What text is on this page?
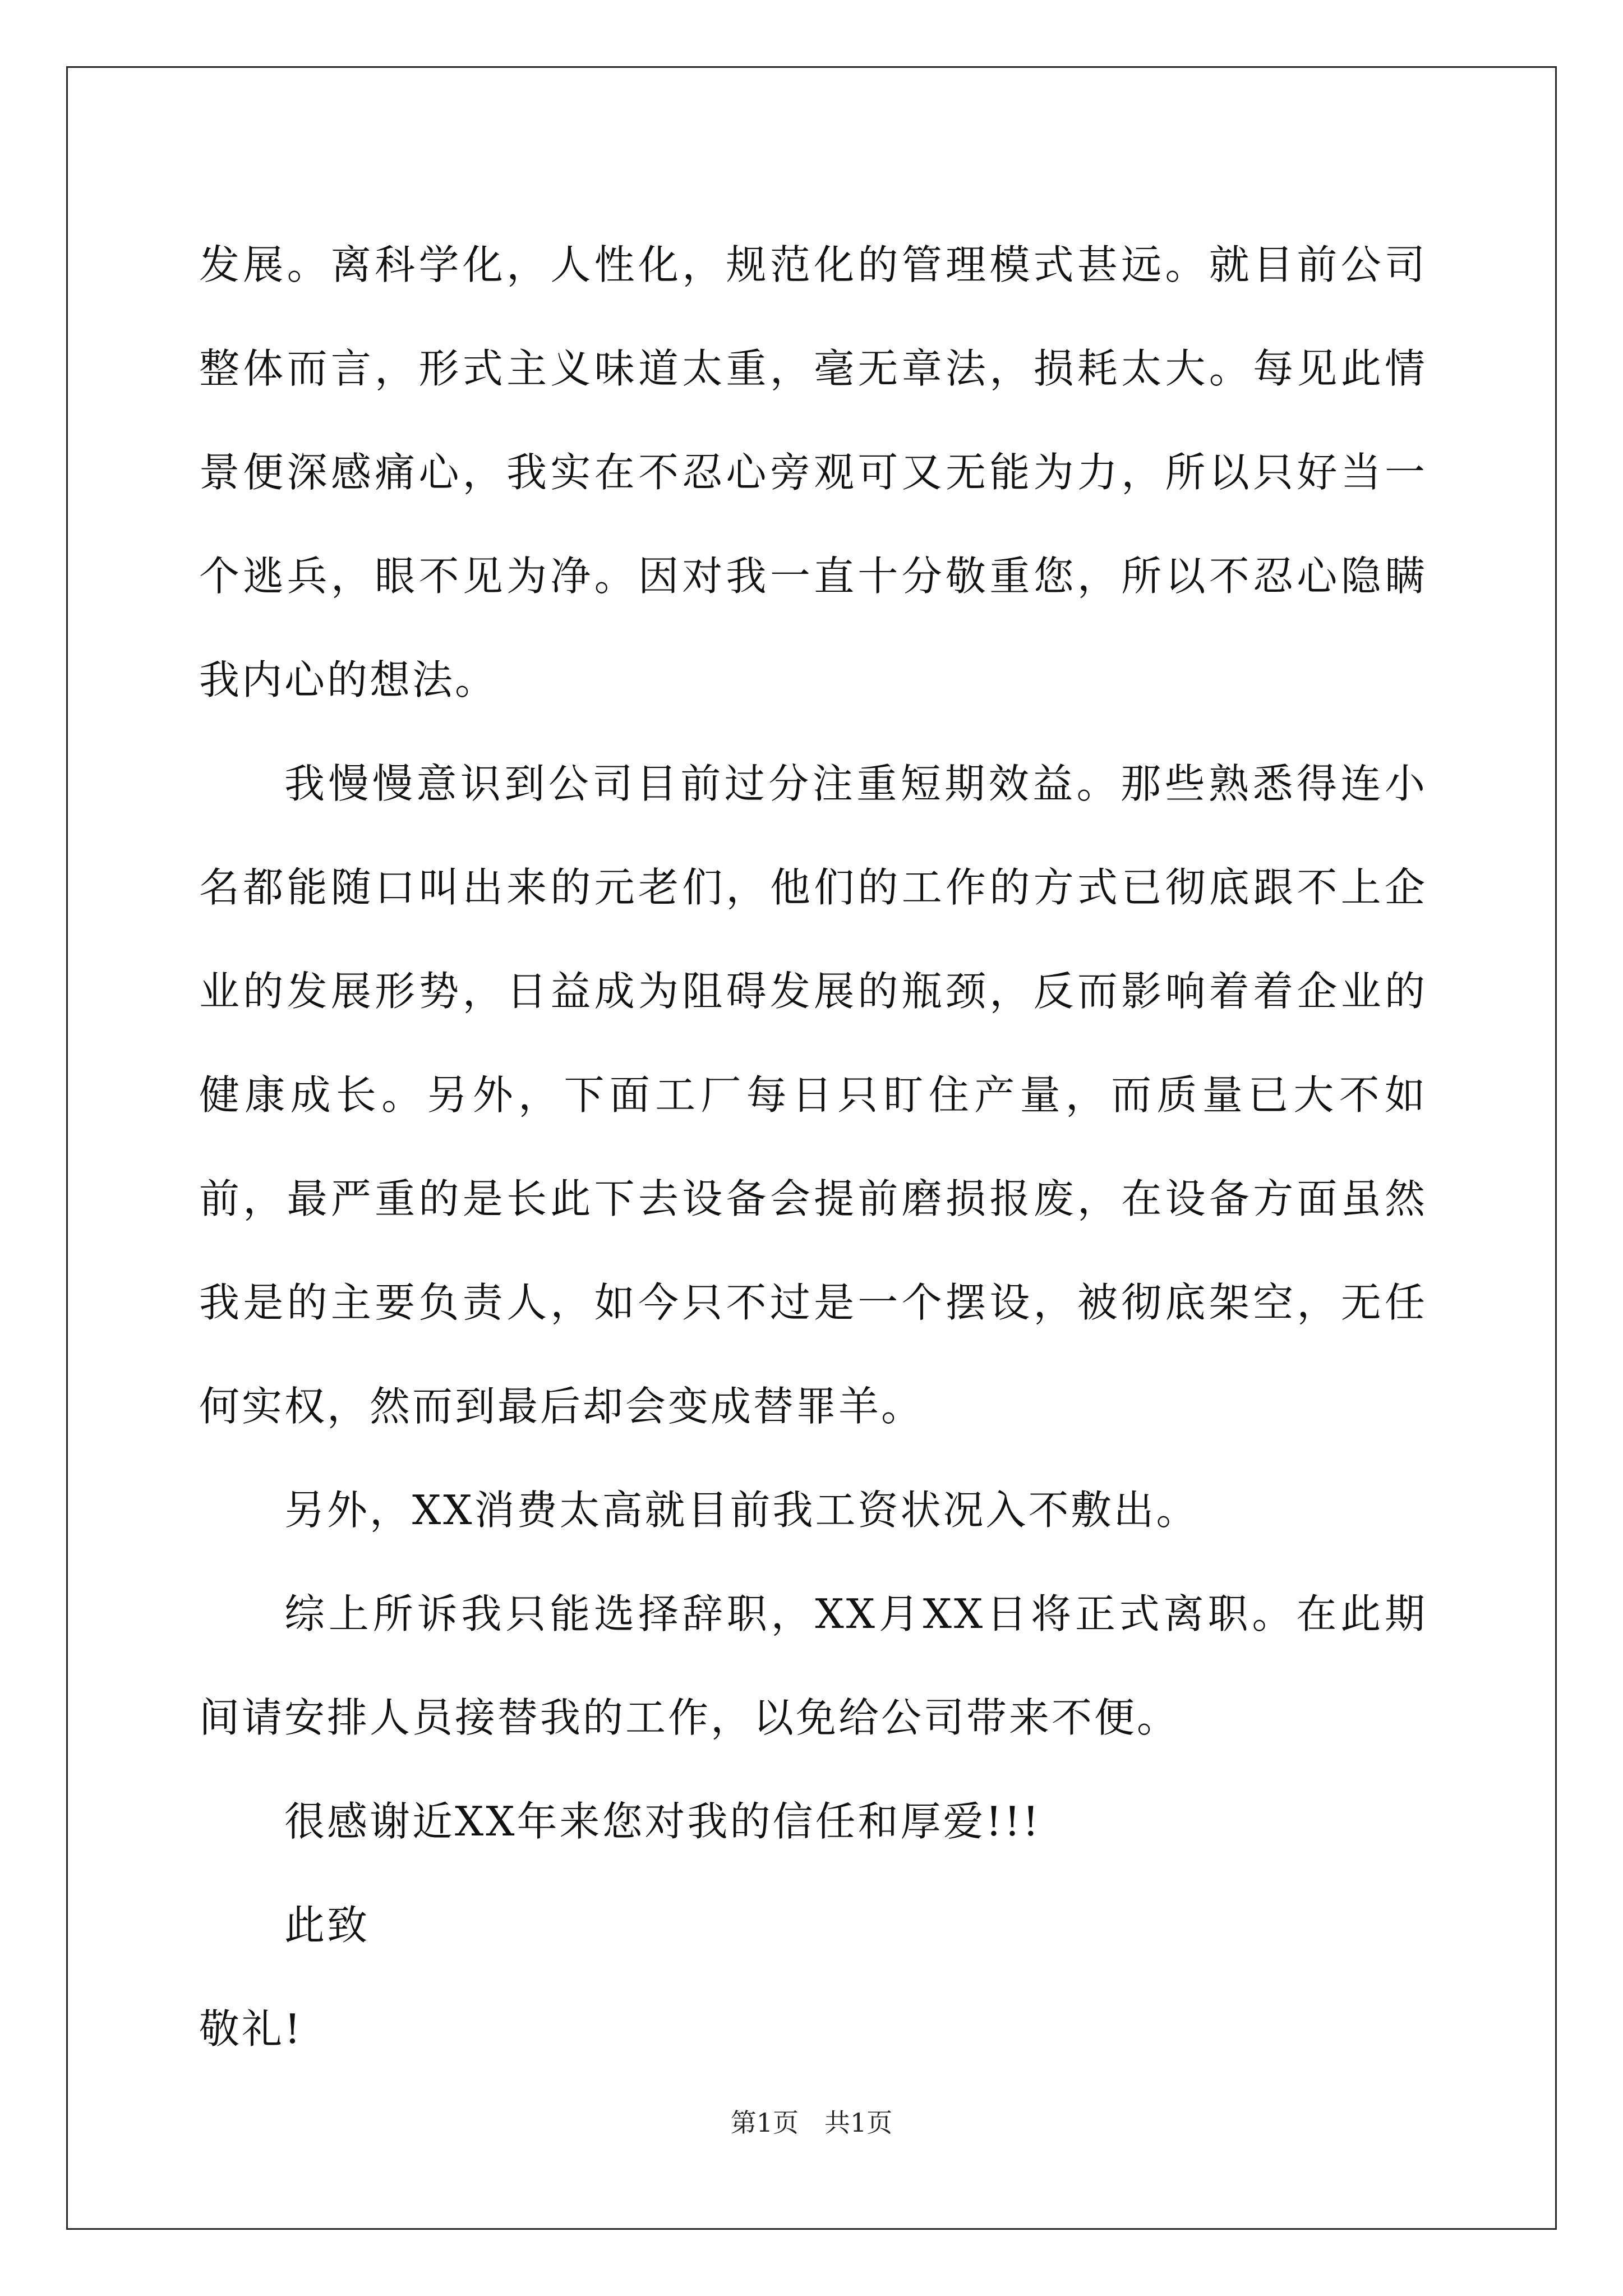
发展。离科学化，人性化，规范化的管理模式甚远。就目前公司整体而言，形式主义味道太重，毫无章法，损耗太大。每见此情景便深感痛心，我实在不忍心旁观可又无能为力，所以只好当一个逃兵，眼不见为净。因对我一直十分敬重您，所以不忍心隐瞒我内心的想法。

我慢慢意识到公司目前过分注重短期效益。那些熟悉得连小名都能随口叫出来的元老们，他们的工作的方式已彻底跟不上企业的发展形势，日益成为阻碍发展的瓶颈，反而影响着着企业的健康成长。另外，下面工厂每日只盯住产量，而质量已大不如前，最严重的是长此下去设备会提前磨损报废，在设备方面虽然我是的主要负责人，如今只不过是一个摆设，被彻底架空，无任何实权，然而到最后却会变成替罪羊。

另外，XX消费太高就目前我工资状况入不敷出。

综上所诉我只能选择辞职，XX月XX日将正式离职。在此期间请安排人员接替我的工作，以免给公司带来不便。

很感谢近XX年来您对我的信任和厚爱!!!

此致

敬礼!

第1页　共1页
